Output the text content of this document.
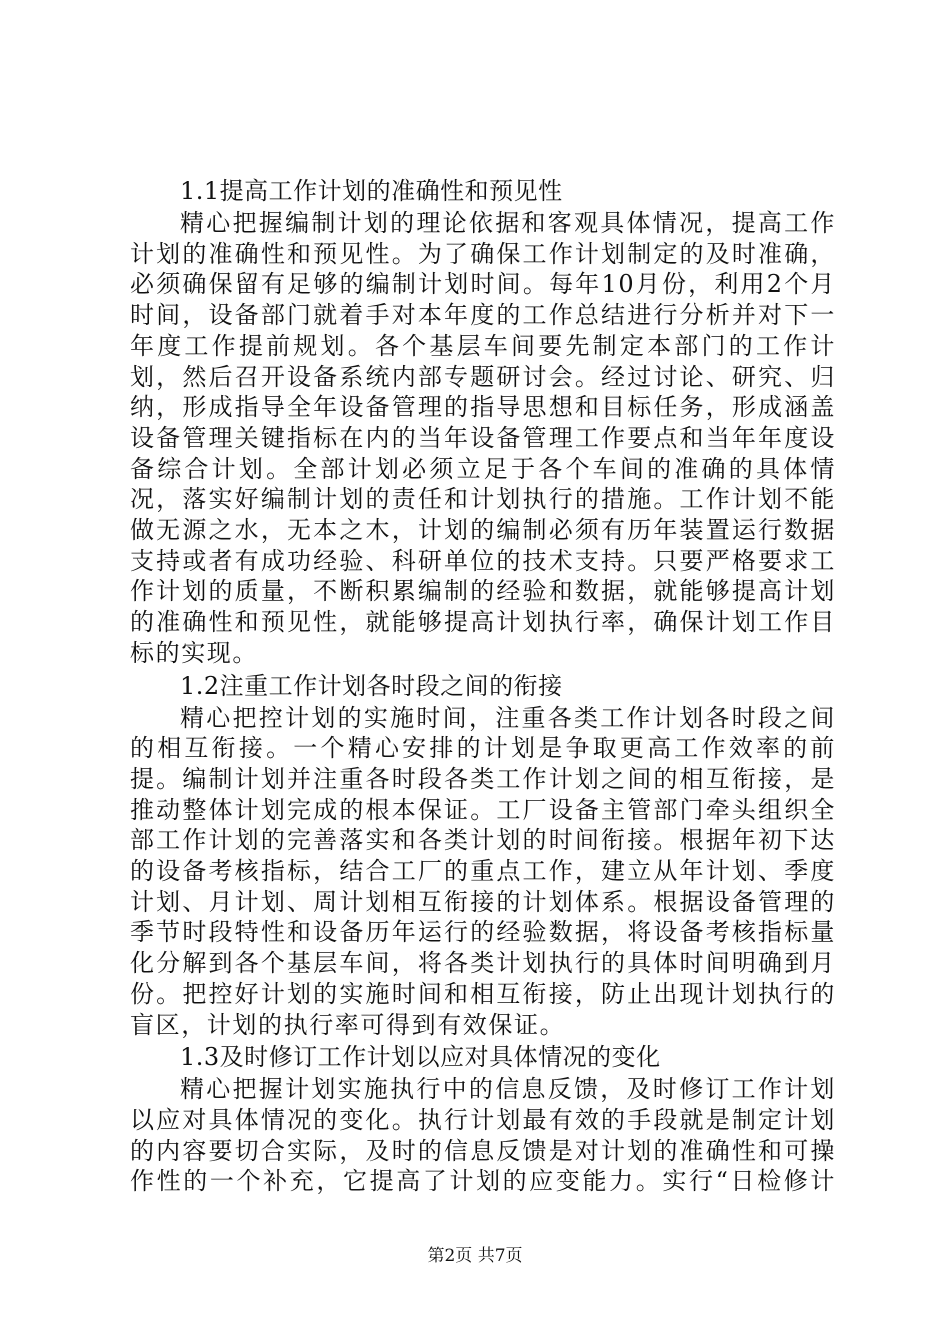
1.1提高工作计划的准确性和预见性

精心把握编制计划的理论依据和客观具体情况，提高工作计划的准确性和预见性。为了确保工作计划制定的及时准确，必须确保留有足够的编制计划时间。每年10月份，利用2个月时间，设备部门就着手对本年度的工作总结进行分析并对下一年度工作提前规划。各个基层车间要先制定本部门的工作计划，然后召开设备系统内部专题研讨会。经过讨论、研究、归纳，形成指导全年设备管理的指导思想和目标任务，形成涵盖设备管理关键指标在内的当年设备管理工作要点和当年年度设备综合计划。全部计划必须立足于各个车间的准确的具体情况，落实好编制计划的责任和计划执行的措施。工作计划不能做无源之水，无本之木，计划的编制必须有历年装置运行数据支持或者有成功经验、科研单位的技术支持。只要严格要求工作计划的质量，不断积累编制的经验和数据，就能够提高计划的准确性和预见性，就能够提高计划执行率，确保计划工作目标的实现。

1.2注重工作计划各时段之间的衔接

精心把控计划的实施时间，注重各类工作计划各时段之间的相互衔接。一个精心安排的计划是争取更高工作效率的前提。编制计划并注重各时段各类工作计划之间的相互衔接，是推动整体计划完成的根本保证。工厂设备主管部门牵头组织全部工作计划的完善落实和各类计划的时间衔接。根据年初下达的设备考核指标，结合工厂的重点工作，建立从年计划、季度计划、月计划、周计划相互衔接的计划体系。根据设备管理的季节时段特性和设备历年运行的经验数据，将设备考核指标量化分解到各个基层车间，将各类计划执行的具体时间明确到月份。把控好计划的实施时间和相互衔接，防止出现计划执行的盲区，计划的执行率可得到有效保证。

1.3及时修订工作计划以应对具体情况的变化

精心把握计划实施执行中的信息反馈，及时修订工作计划以应对具体情况的变化。执行计划最有效的手段就是制定计划的内容要切合实际，及时的信息反馈是对计划的准确性和可操作性的一个补充，它提高了计划的应变能力。实行“日检修计

第2页 共7页
